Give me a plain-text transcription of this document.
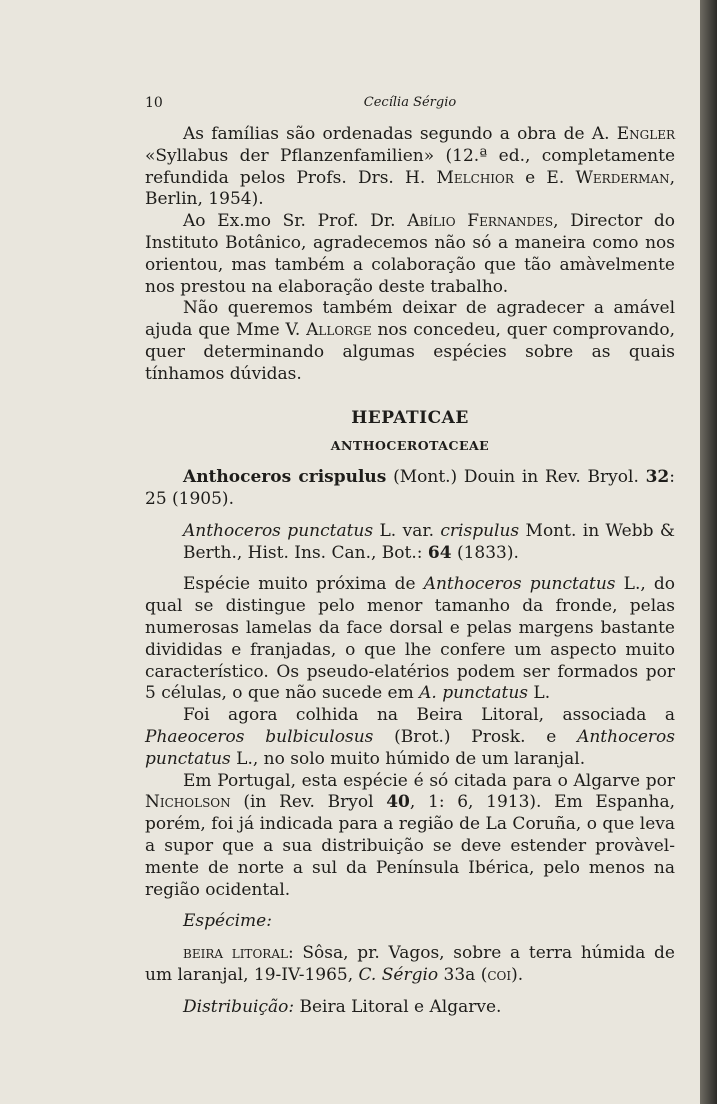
10	Cecília Sérgio

As famílias são ordenadas segundo a obra de A. Engler «Syllabus der Pflanzenfamilien» (12.ª ed., completamente refundida pelos Profs. Drs. H. Melchior e E. Werderman, Berlin, 1954).

Ao Ex.mo Sr. Prof. Dr. Abílio Fernandes, Director do Instituto Botânico, agradecemos não só a maneira como nos orientou, mas também a colaboração que tão amàvelmente nos prestou na elaboração deste trabalho.

Não queremos também deixar de agradecer a amável ajuda que Mme V. Allorge nos concedeu, quer comprovando, quer determinando algumas espécies sobre as quais tínhamos dúvidas.

HEPATICAE
ANTHOCEROTACEAE

Anthoceros crispulus (Mont.) Douin in Rev. Bryol. 32: 25 (1905).

Anthoceros punctatus L. var. crispulus Mont. in Webb & Berth., Hist. Ins. Can., Bot.: 64 (1833).

Espécie muito próxima de Anthoceros punctatus L., do qual se distingue pelo menor tamanho da fronde, pelas numerosas lamelas da face dorsal e pelas margens bastante divididas e franjadas, o que lhe confere um aspecto muito característico. Os pseudo-elatérios podem ser formados por 5 células, o que não sucede em A. punctatus L.

Foi agora colhida na Beira Litoral, associada a Phaeoceros bulbiculosus (Brot.) Prosk. e Anthoceros punctatus L., no solo muito húmido de um laranjal.

Em Portugal, esta espécie é só citada para o Algarve por Nicholson (in Rev. Bryol 40, 1: 6, 1913). Em Espanha, porém, foi já indicada para a região de La Coruña, o que leva a supor que a sua distribuição se deve estender provàvelmente de norte a sul da Península Ibérica, pelo menos na região ocidental.

Espécime:

beira litoral: Sôsa, pr. Vagos, sobre a terra húmida de um laranjal, 19-IV-1965, C. Sérgio 33a (coi).

Distribuição: Beira Litoral e Algarve.
